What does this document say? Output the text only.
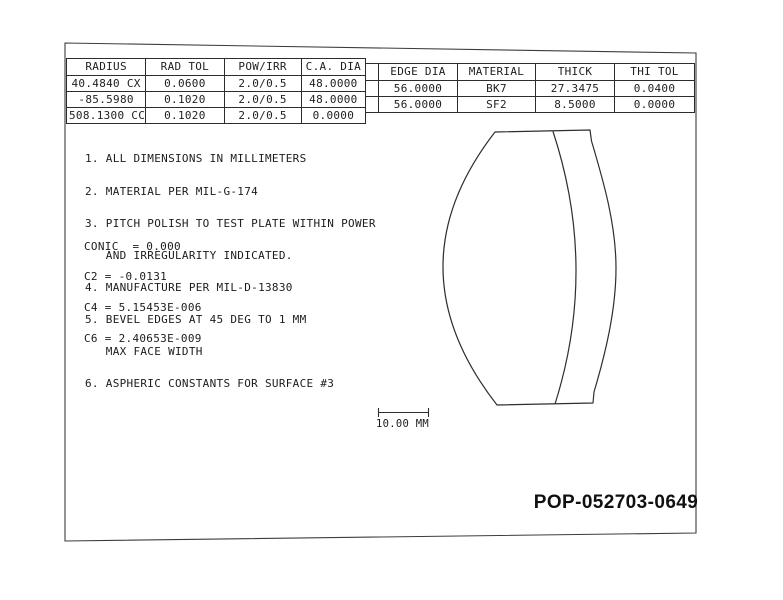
RADIUS	RAD TOL	POW/IRR	C.A. DIA
40.4840 CX	0.0600	2.0/0.5	48.0000
-85.5980	0.1020	2.0/0.5	48.0000
508.1300 CC	0.1020	2.0/0.5	0.0000
EDGE DIA	MATERIAL	THICK	THI TOL
56.0000	BK7	27.3475	0.0400
56.0000	SF2	8.5000	0.0000

1. ALL DIMENSIONS IN MILLIMETERS

2. MATERIAL PER MIL-G-174

3. PITCH POLISH TO TEST PLATE WITHIN POWER

AND IRREGULARITY INDICATED.

4. MANUFACTURE PER MIL-D-13830

5. BEVEL EDGES AT 45 DEG TO 1 MM

MAX FACE WIDTH

6. ASPHERIC CONSTANTS FOR SURFACE #3

CONIC  = 0.000

C2 = -0.0131

C4 = 5.15453E-006

C6 = 2.40653E-009

10.00 MM
POP-052703-0649
